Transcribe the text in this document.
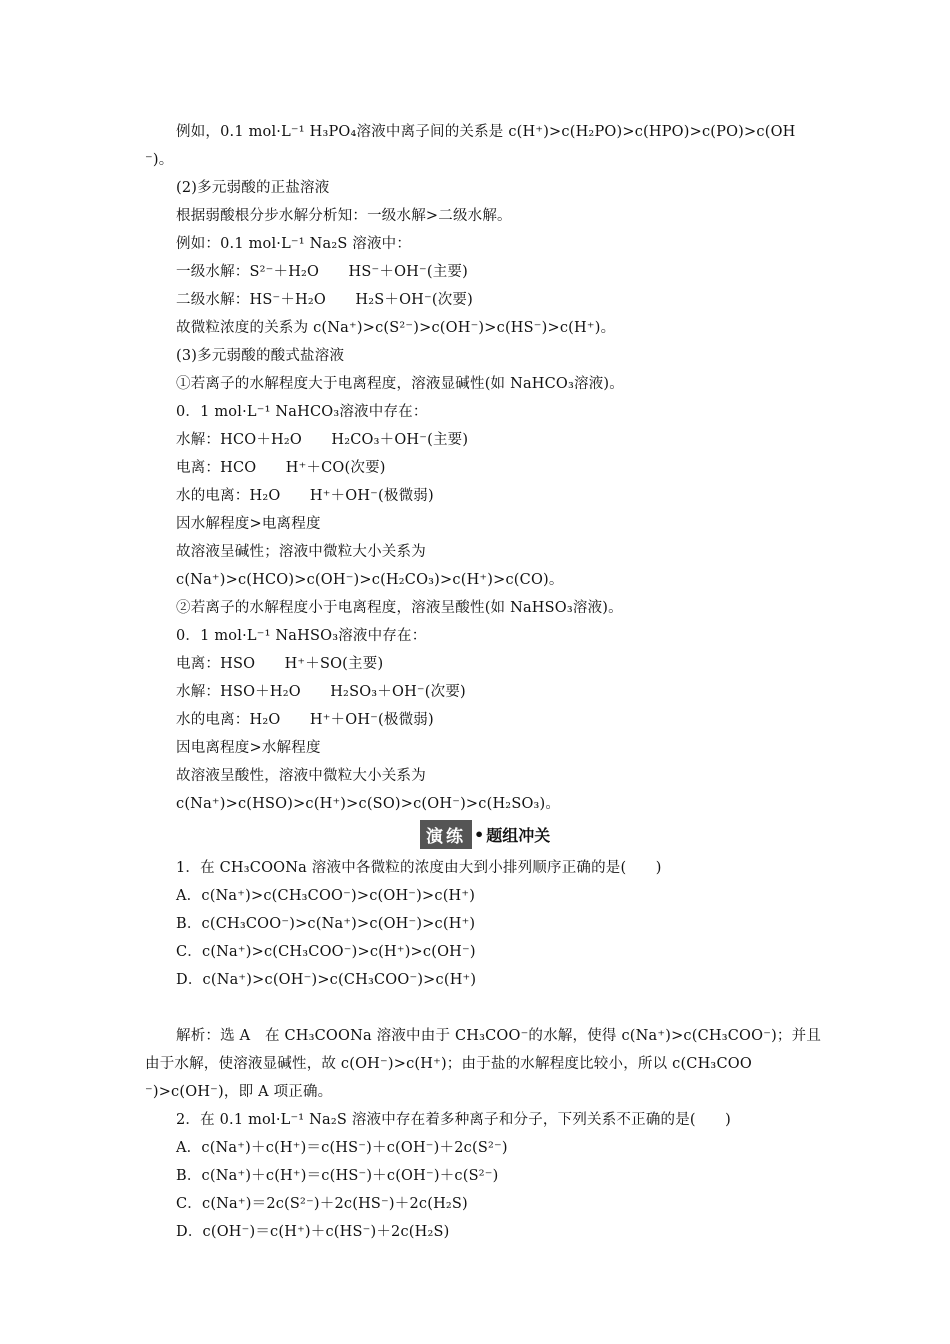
例如，0.1 mol·L⁻¹ H₃PO₄溶液中离子间的关系是 c(H⁺)>c(H₂PO)>c(HPO)>c(PO)>c(OH
⁻)。
(2)多元弱酸的正盐溶液
根据弱酸根分步水解分析知：一级水解>二级水解。
例如：0.1 mol·L⁻¹ Na₂S 溶液中：
一级水解：S²⁻＋H₂O　　HS⁻＋OH⁻(主要)
二级水解：HS⁻＋H₂O　　H₂S＋OH⁻(次要)
故微粒浓度的关系为 c(Na⁺)>c(S²⁻)>c(OH⁻)>c(HS⁻)>c(H⁺)。
(3)多元弱酸的酸式盐溶液
①若离子的水解程度大于电离程度，溶液显碱性(如 NaHCO₃溶液)。
0．1 mol·L⁻¹ NaHCO₃溶液中存在：
水解：HCO＋H₂O　　H₂CO₃＋OH⁻(主要)
电离：HCO　　H⁺＋CO(次要)
水的电离：H₂O　　H⁺＋OH⁻(极微弱)
因水解程度>电离程度
故溶液呈碱性；溶液中微粒大小关系为
c(Na⁺)>c(HCO)>c(OH⁻)>c(H₂CO₃)>c(H⁺)>c(CO)。
②若离子的水解程度小于电离程度，溶液呈酸性(如 NaHSO₃溶液)。
0．1 mol·L⁻¹ NaHSO₃溶液中存在：
电离：HSO　　H⁺＋SO(主要)
水解：HSO＋H₂O　　H₂SO₃＋OH⁻(次要)
水的电离：H₂O　　H⁺＋OH⁻(极微弱)
因电离程度>水解程度
故溶液呈酸性，溶液中微粒大小关系为
c(Na⁺)>c(HSO)>c(H⁺)>c(SO)>c(OH⁻)>c(H₂SO₃)。
演练 • 题组冲关
1．在 CH₃COONa 溶液中各微粒的浓度由大到小排列顺序正确的是(　　)
A．c(Na⁺)>c(CH₃COO⁻)>c(OH⁻)>c(H⁺)
B．c(CH₃COO⁻)>c(Na⁺)>c(OH⁻)>c(H⁺)
C．c(Na⁺)>c(CH₃COO⁻)>c(H⁺)>c(OH⁻)
D．c(Na⁺)>c(OH⁻)>c(CH₃COO⁻)>c(H⁺)
解析：选 A　在 CH₃COONa 溶液中由于 CH₃COO⁻的水解，使得 c(Na⁺)>c(CH₃COO⁻)；并且
由于水解，使溶液显碱性，故 c(OH⁻)>c(H⁺)；由于盐的水解程度比较小，所以 c(CH₃COO
⁻)>c(OH⁻)，即 A 项正确。
2．在 0.1 mol·L⁻¹ Na₂S 溶液中存在着多种离子和分子，下列关系不正确的是(　　)
A．c(Na⁺)＋c(H⁺)＝c(HS⁻)＋c(OH⁻)＋2c(S²⁻)
B．c(Na⁺)＋c(H⁺)＝c(HS⁻)＋c(OH⁻)＋c(S²⁻)
C．c(Na⁺)＝2c(S²⁻)＋2c(HS⁻)＋2c(H₂S)
D．c(OH⁻)＝c(H⁺)＋c(HS⁻)＋2c(H₂S)
